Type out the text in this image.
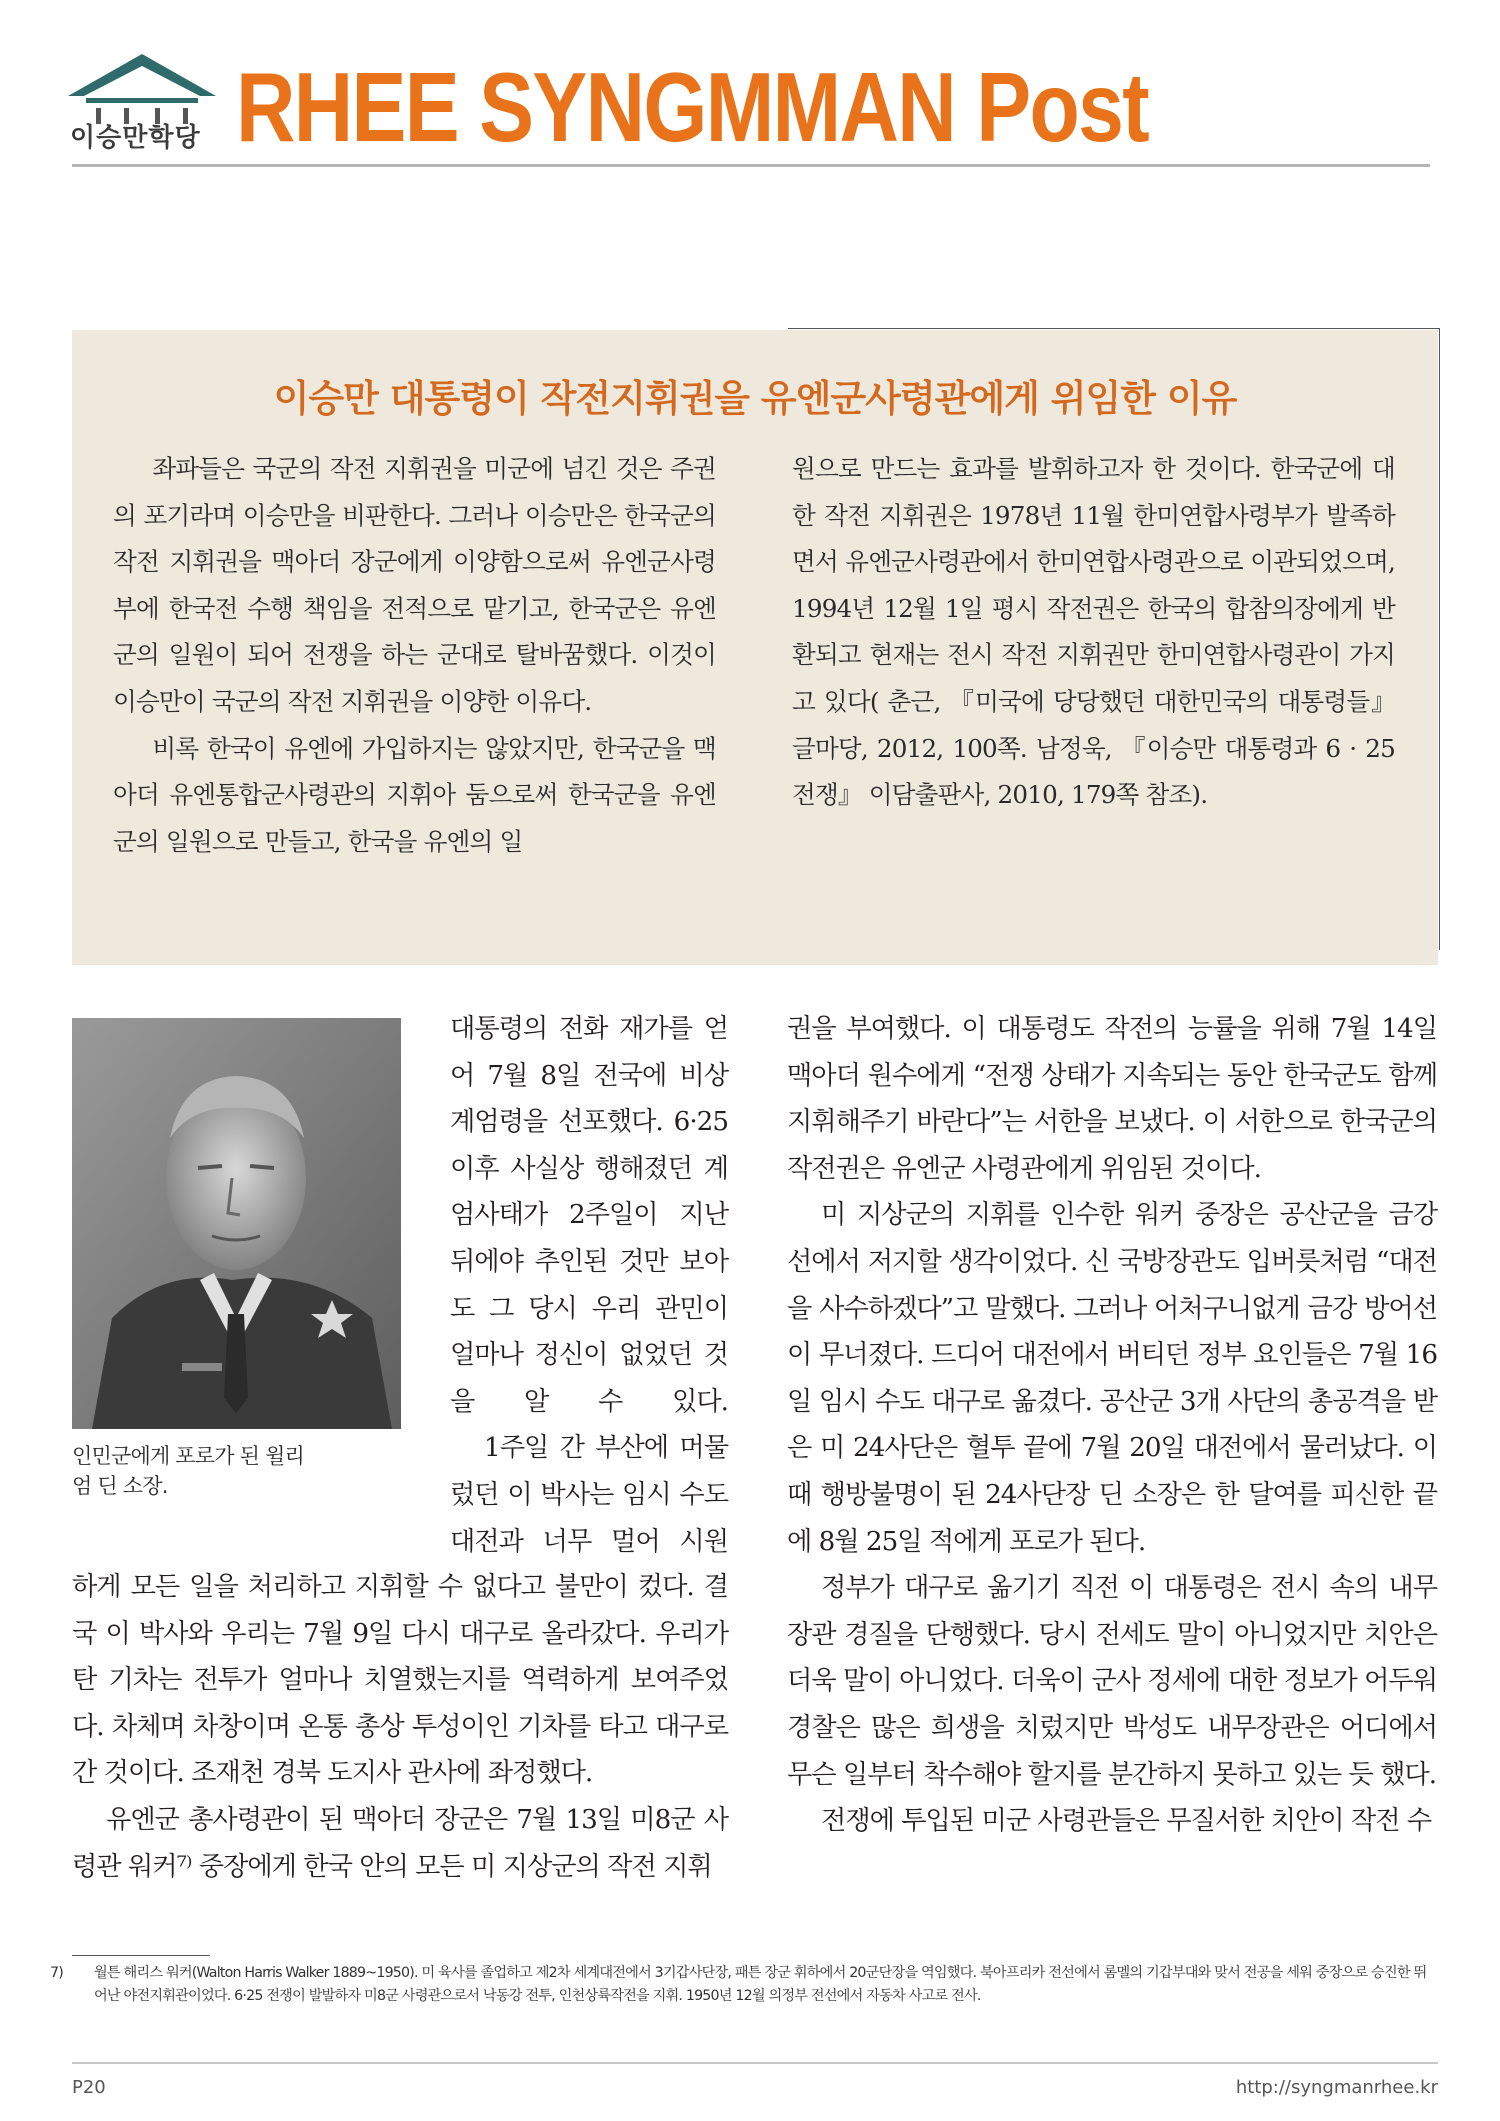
이승만학당 RHEE SYNGMMAN Post
이승만 대통령이 작전지휘권을 유엔군사령관에게 위임한 이유

좌파들은 국군의 작전 지휘권을 미군에 넘긴 것은 주권의 포기라며 이승만을 비판한다. 그러나 이승만은 한국군의 작전 지휘권을 맥아더 장군에게 이양함으로써 유엔군사령부에 한국전 수행 책임을 전적으로 맡기고, 한국군은 유엔군의 일원이 되어 전쟁을 하는 군대로 탈바꿈했다. 이것이 이승만이 국군의 작전 지휘권을 이양한 이유다.

비록 한국이 유엔에 가입하지는 않았지만, 한국군을 맥아더 유엔통합군사령관의 지휘아 둠으로써 한국군을 유엔군의 일원으로 만들고, 한국을 유엔의 일

원으로 만드는 효과를 발휘하고자 한 것이다. 한국군에 대한 작전 지휘권은 1978년 11월 한미연합사령부가 발족하면서 유엔군사령관에서 한미연합사령관으로 이관되었으며, 1994년 12월 1일 평시 작전권은 한국의 합참의장에게 반환되고 현재는 전시 작전 지휘권만 한미연합사령관이 가지고 있다( 춘근, 『미국에 당당했던 대한민국의 대통령들』 글마당, 2012, 100쪽. 남정욱, 『이승만 대통령과 6 · 25 전쟁』 이담출판사, 2010, 179쪽 참조).

인민군에게 포로가 된 윌리엄 딘 소장.

대통령의 전화 재가를 얻어 7월 8일 전국에 비상계엄령을 선포했다. 6·25 이후 사실상 행해졌던 계엄사태가 2주일이 지난 뒤에야 추인된 것만 보아도 그 당시 우리 관민이 얼마나 정신이 없었던 것을 알 수 있다.

1주일 간 부산에 머물렀던 이 박사는 임시 수도 대전과 너무 멀어 시원

하게 모든 일을 처리하고 지휘할 수 없다고 불만이 컸다. 결국 이 박사와 우리는 7월 9일 다시 대구로 올라갔다. 우리가 탄 기차는 전투가 얼마나 치열했는지를 역력하게 보여주었다. 차체며 차창이며 온통 총상 투성이인 기차를 타고 대구로 간 것이다. 조재천 경북 도지사 관사에 좌정했다.

유엔군 총사령관이 된 맥아더 장군은 7월 13일 미8군 사령관 워커⁷⁾ 중장에게 한국 안의 모든 미 지상군의 작전 지휘

권을 부여했다. 이 대통령도 작전의 능률을 위해 7월 14일 맥아더 원수에게 “전쟁 상태가 지속되는 동안 한국군도 함께 지휘해주기 바란다”는 서한을 보냈다. 이 서한으로 한국군의 작전권은 유엔군 사령관에게 위임된 것이다.

미 지상군의 지휘를 인수한 워커 중장은 공산군을 금강 선에서 저지할 생각이었다. 신 국방장관도 입버릇처럼 “대전을 사수하겠다”고 말했다. 그러나 어처구니없게 금강 방어선이 무너졌다. 드디어 대전에서 버티던 정부 요인들은 7월 16일 임시 수도 대구로 옮겼다. 공산군 3개 사단의 총공격을 받은 미 24사단은 혈투 끝에 7월 20일 대전에서 물러났다. 이때 행방불명이 된 24사단장 딘 소장은 한 달여를 피신한 끝에 8월 25일 적에게 포로가 된다.

정부가 대구로 옮기기 직전 이 대통령은 전시 속의 내무장관 경질을 단행했다. 당시 전세도 말이 아니었지만 치안은 더욱 말이 아니었다. 더욱이 군사 정세에 대한 정보가 어두워 경찰은 많은 희생을 치렀지만 박성도 내무장관은 어디에서 무슨 일부터 착수해야 할지를 분간하지 못하고 있는 듯 했다.

전쟁에 투입된 미군 사령관들은 무질서한 치안이 작전 수

7) 월튼 해리스 워커(Walton Harris Walker 1889~1950). 미 육사를 졸업하고 제2차 세계대전에서 3기갑사단장, 패튼 장군 휘하에서 20군단장을 역임했다. 북아프리카 전선에서 롬멜의 기갑부대와 맞서 전공을 세워 중장으로 승진한 뛰어난 야전지휘관이었다. 6·25 전쟁이 발발하자 미8군 사령관으로서 낙동강 전투, 인천상륙작전을 지휘. 1950년 12월 의정부 전선에서 자동차 사고로 전사.

P20	http://syngmanrhee.kr
